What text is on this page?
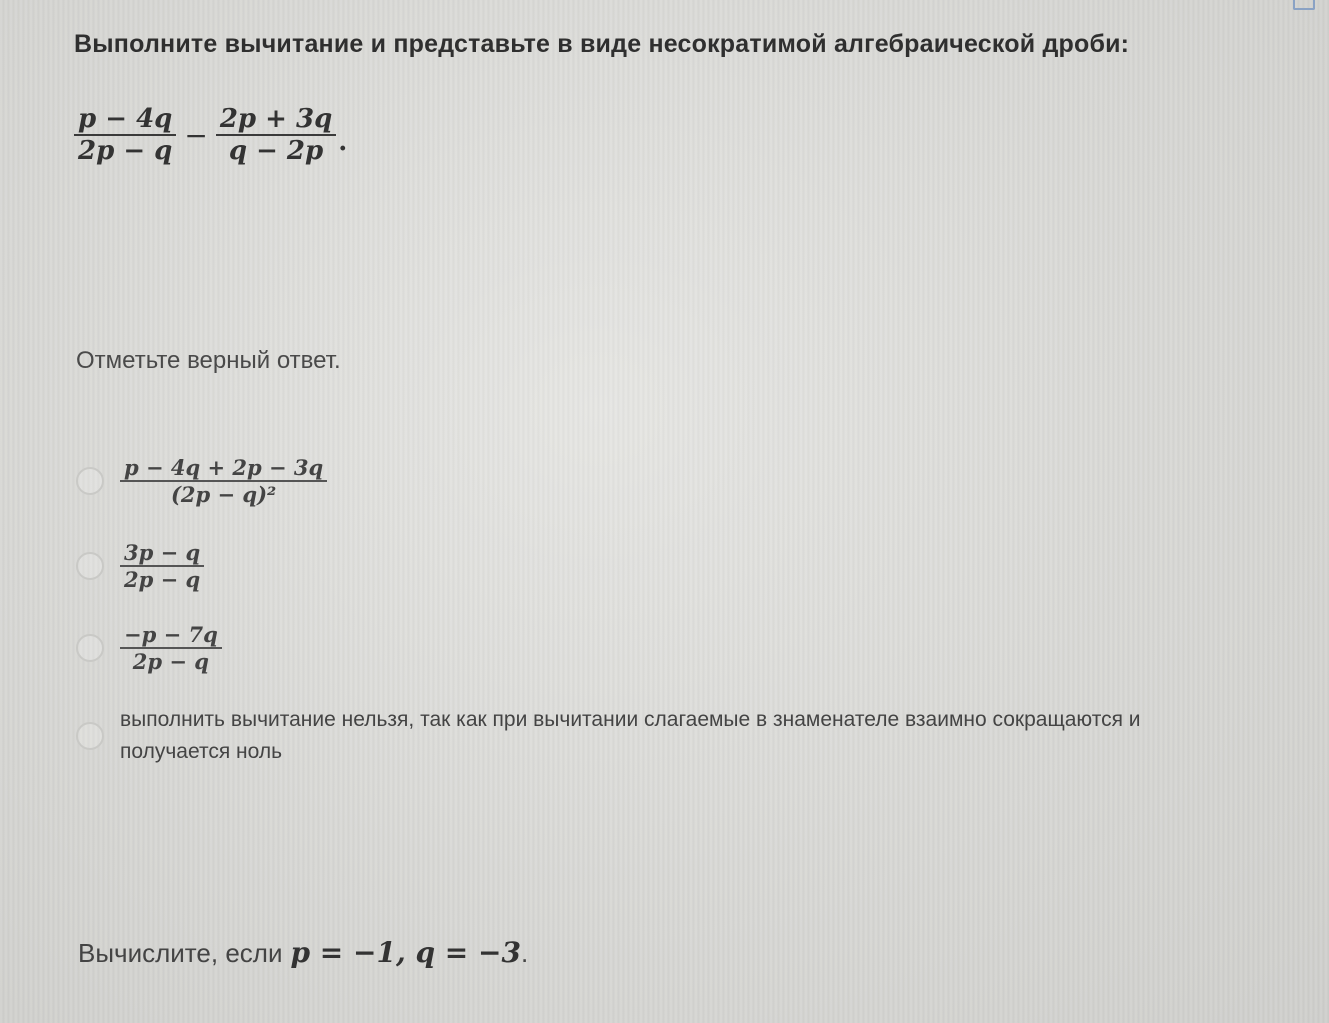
Выполните вычитание и представьте в виде несократимой алгебраической дроби:
$\frac{p - 4q}{2p - q} - \frac{2p + 3q}{q - 2p}$ .
Отметьте верный ответ.
$\frac{p - 4q + 2p - 3q}{\text{(2p − q)²}}$
$\frac{3p - q}{2p - q}$
$\frac{-p - 7q}{2p - q}$
выполнить вычитание нельзя, так как при вычитании слагаемые в знаменателе взаимно сокращаются и получается ноль
Вычислите, если p = −1, q = −3 .
